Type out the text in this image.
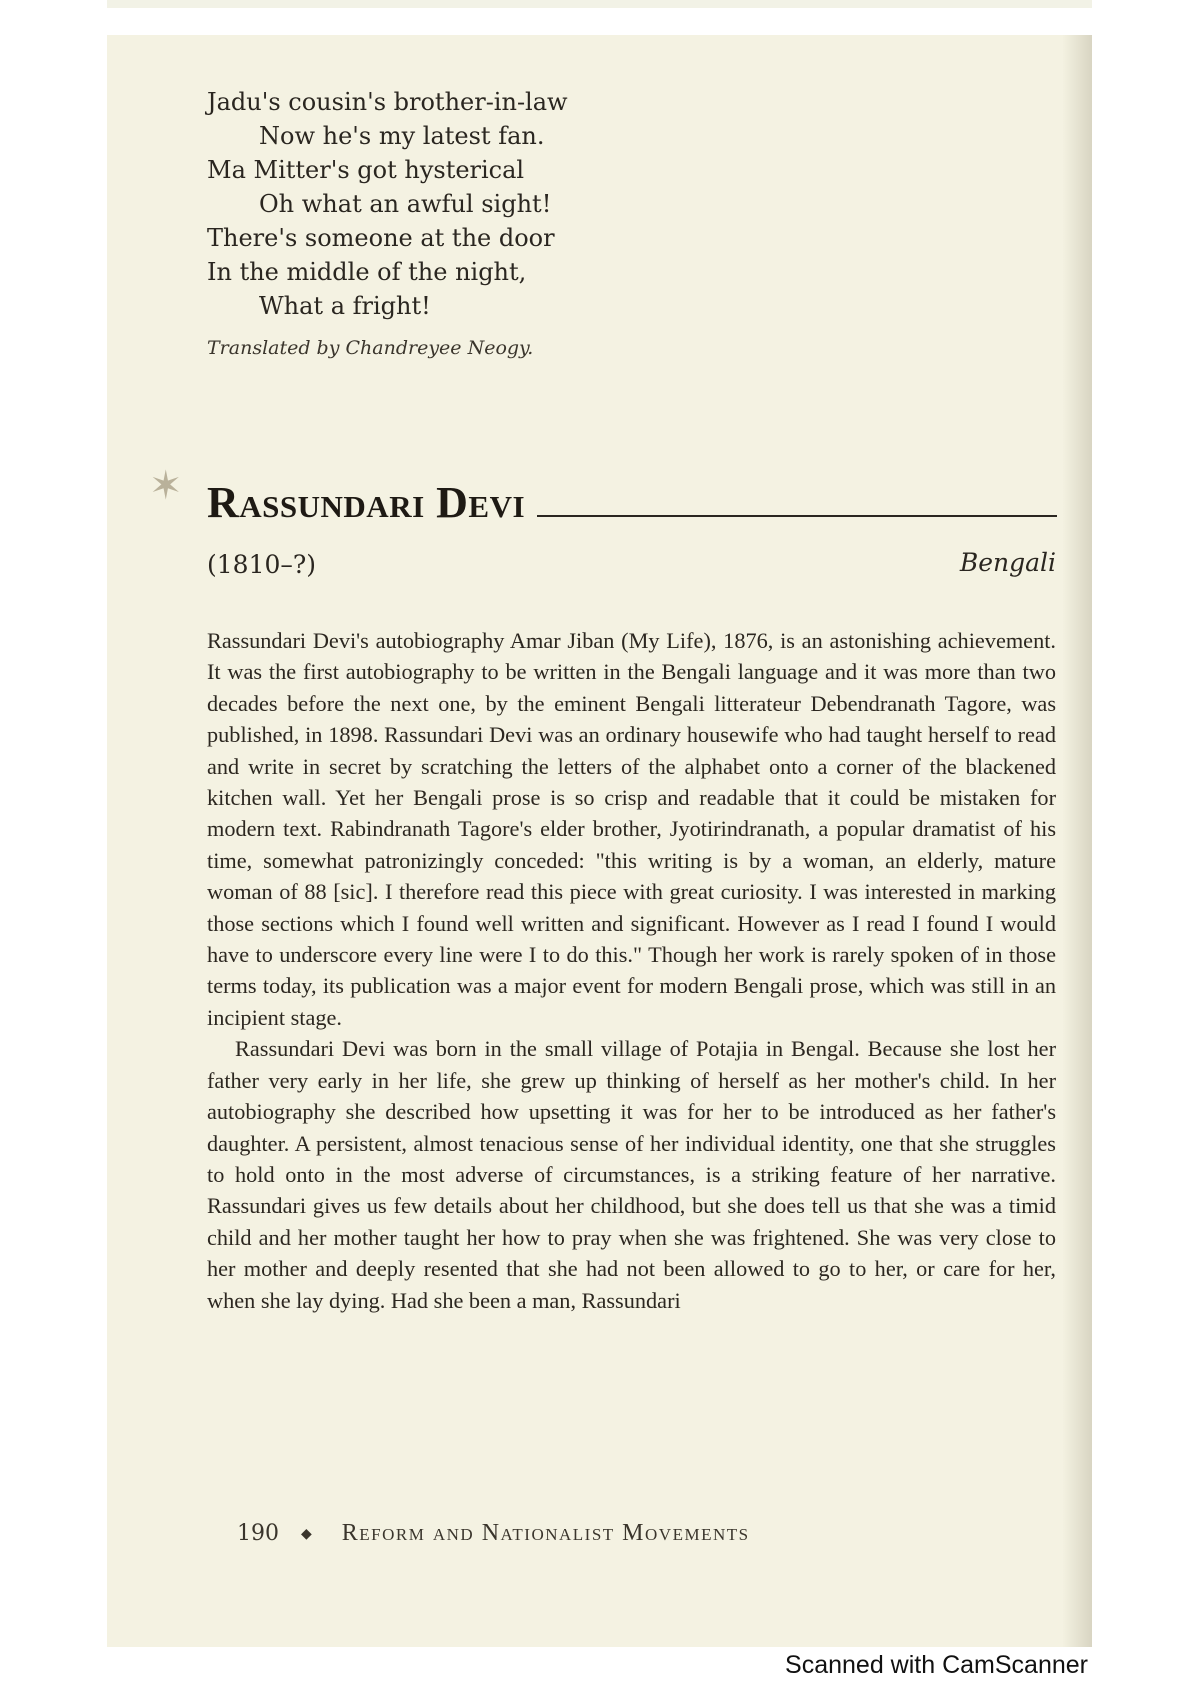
Jadu's cousin's brother-in-law
Now he's my latest fan.
Ma Mitter's got hysterical
Oh what an awful sight!
There's someone at the door
In the middle of the night,
What a fright!
Translated by Chandreyee Neogy.
✶ Rassundari Devi
(1810–?)	Bengali

Rassundari Devi's autobiography Amar Jiban (My Life), 1876, is an astonishing achievement. It was the first autobiography to be written in the Bengali language and it was more than two decades before the next one, by the eminent Bengali litterateur Debendranath Tagore, was published, in 1898. Rassundari Devi was an ordinary housewife who had taught herself to read and write in secret by scratching the letters of the alphabet onto a corner of the blackened kitchen wall. Yet her Bengali prose is so crisp and readable that it could be mistaken for modern text. Rabindranath Tagore's elder brother, Jyotirindranath, a popular dramatist of his time, somewhat patronizingly conceded: "this writing is by a woman, an elderly, mature woman of 88 [sic]. I therefore read this piece with great curiosity. I was interested in marking those sections which I found well written and significant. However as I read I found I would have to underscore every line were I to do this." Though her work is rarely spoken of in those terms today, its publication was a major event for modern Bengali prose, which was still in an incipient stage.

Rassundari Devi was born in the small village of Potajia in Bengal. Because she lost her father very early in her life, she grew up thinking of herself as her mother's child. In her autobiography she described how upsetting it was for her to be introduced as her father's daughter. A persistent, almost tenacious sense of her individual identity, one that she struggles to hold onto in the most adverse of circumstances, is a striking feature of her narrative. Rassundari gives us few details about her childhood, but she does tell us that she was a timid child and her mother taught her how to pray when she was frightened. She was very close to her mother and deeply resented that she had not been allowed to go to her, or care for her, when she lay dying. Had she been a man, Rassundari

190 ◆ Reform and Nationalist Movements
Scanned with CamScanner
